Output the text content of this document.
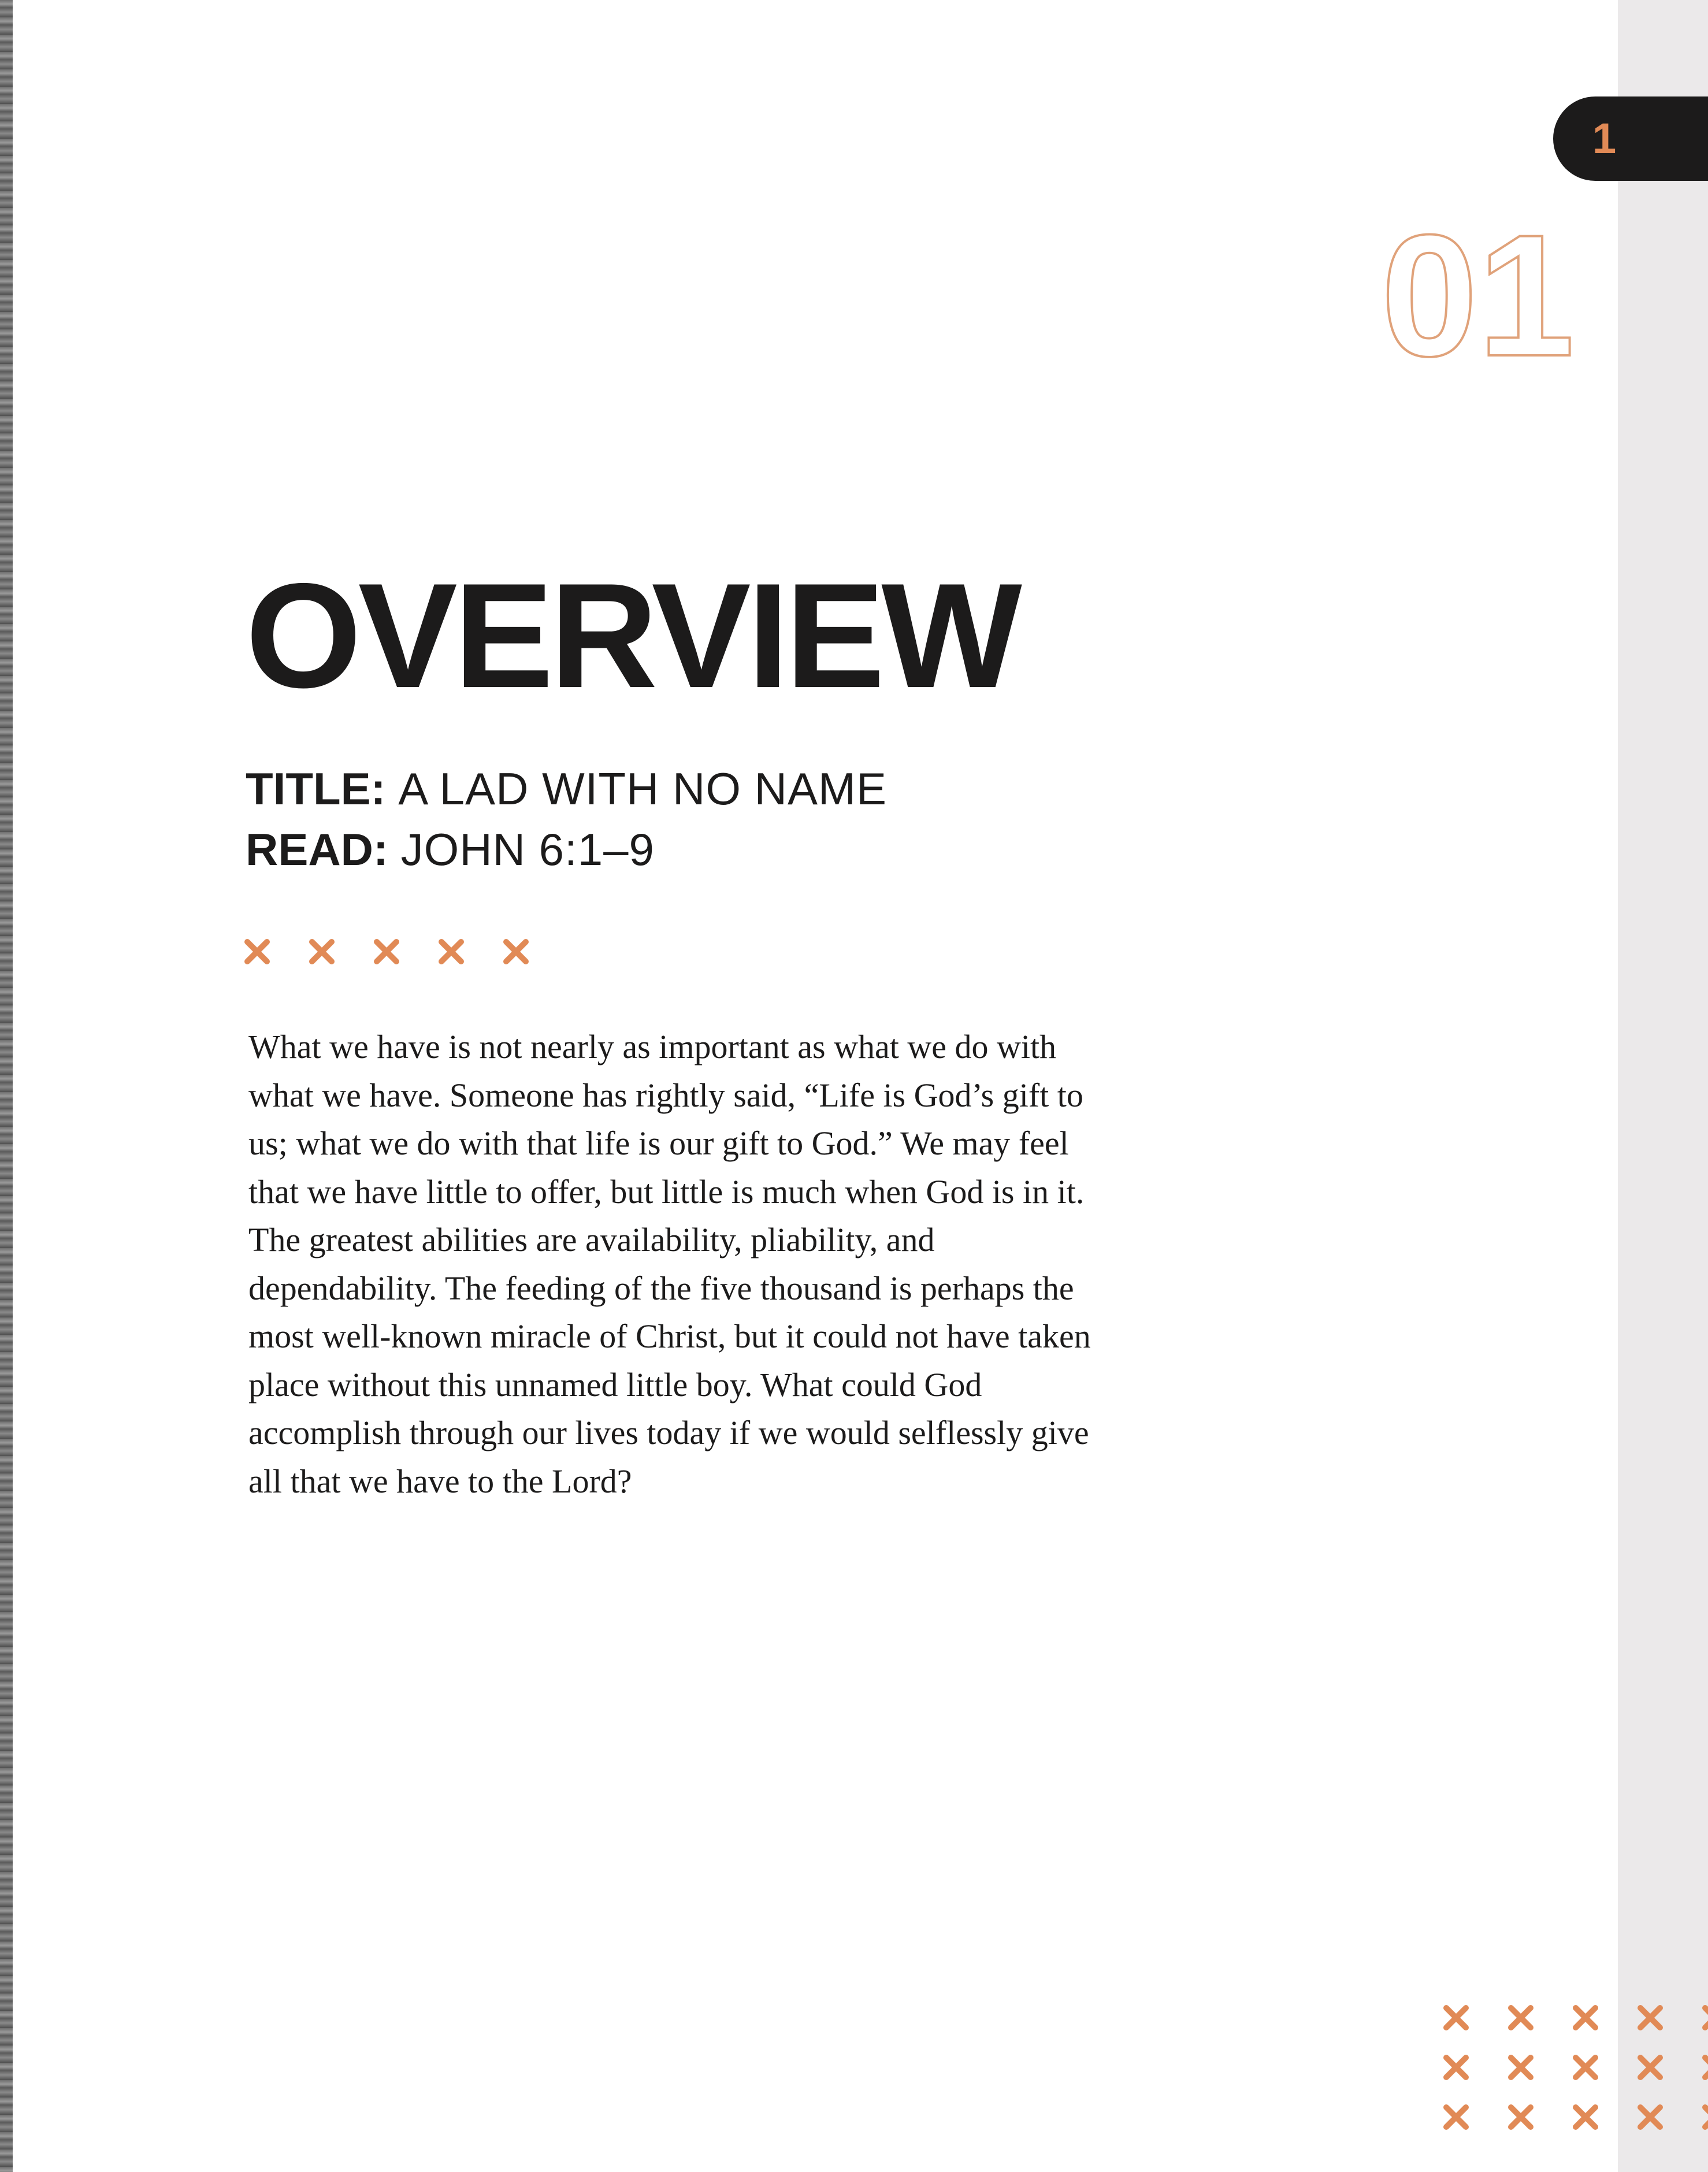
1
01
OVERVIEW
TITLE: A LAD WITH NO NAME
READ: JOHN 6:1–9

What we have is not nearly as important as what we do with what we have. Someone has rightly said, “Life is God’s gift to us; what we do with that life is our gift to God.” We may feel that we have little to offer, but little is much when God is in it. The greatest abilities are availability, pliability, and dependability. The feeding of the five thousand is perhaps the most well-known miracle of Christ, but it could not have taken place without this unnamed little boy. What could God accomplish through our lives today if we would selflessly give all that we have to the Lord?
